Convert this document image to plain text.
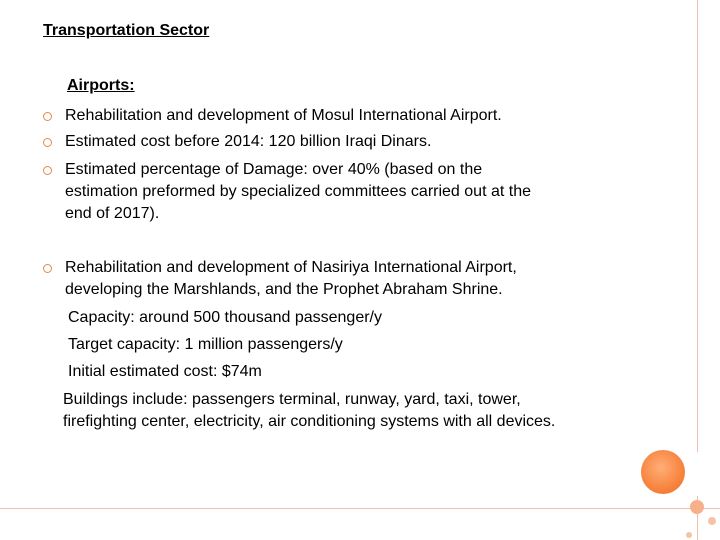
Transportation Sector
Airports:
Rehabilitation and development of Mosul International Airport.
Estimated cost before 2014: 120 billion Iraqi Dinars.
Estimated percentage of Damage: over 40% (based on the
estimation preformed by specialized committees carried out at the
end of 2017).
Rehabilitation and development of Nasiriya International Airport,
developing the Marshlands, and the Prophet Abraham Shrine.
Capacity: around 500 thousand passenger/y
Target capacity: 1 million passengers/y
Initial estimated cost: $74m
Buildings include: passengers terminal, runway, yard, taxi, tower,
firefighting center, electricity, air conditioning systems with all devices.
